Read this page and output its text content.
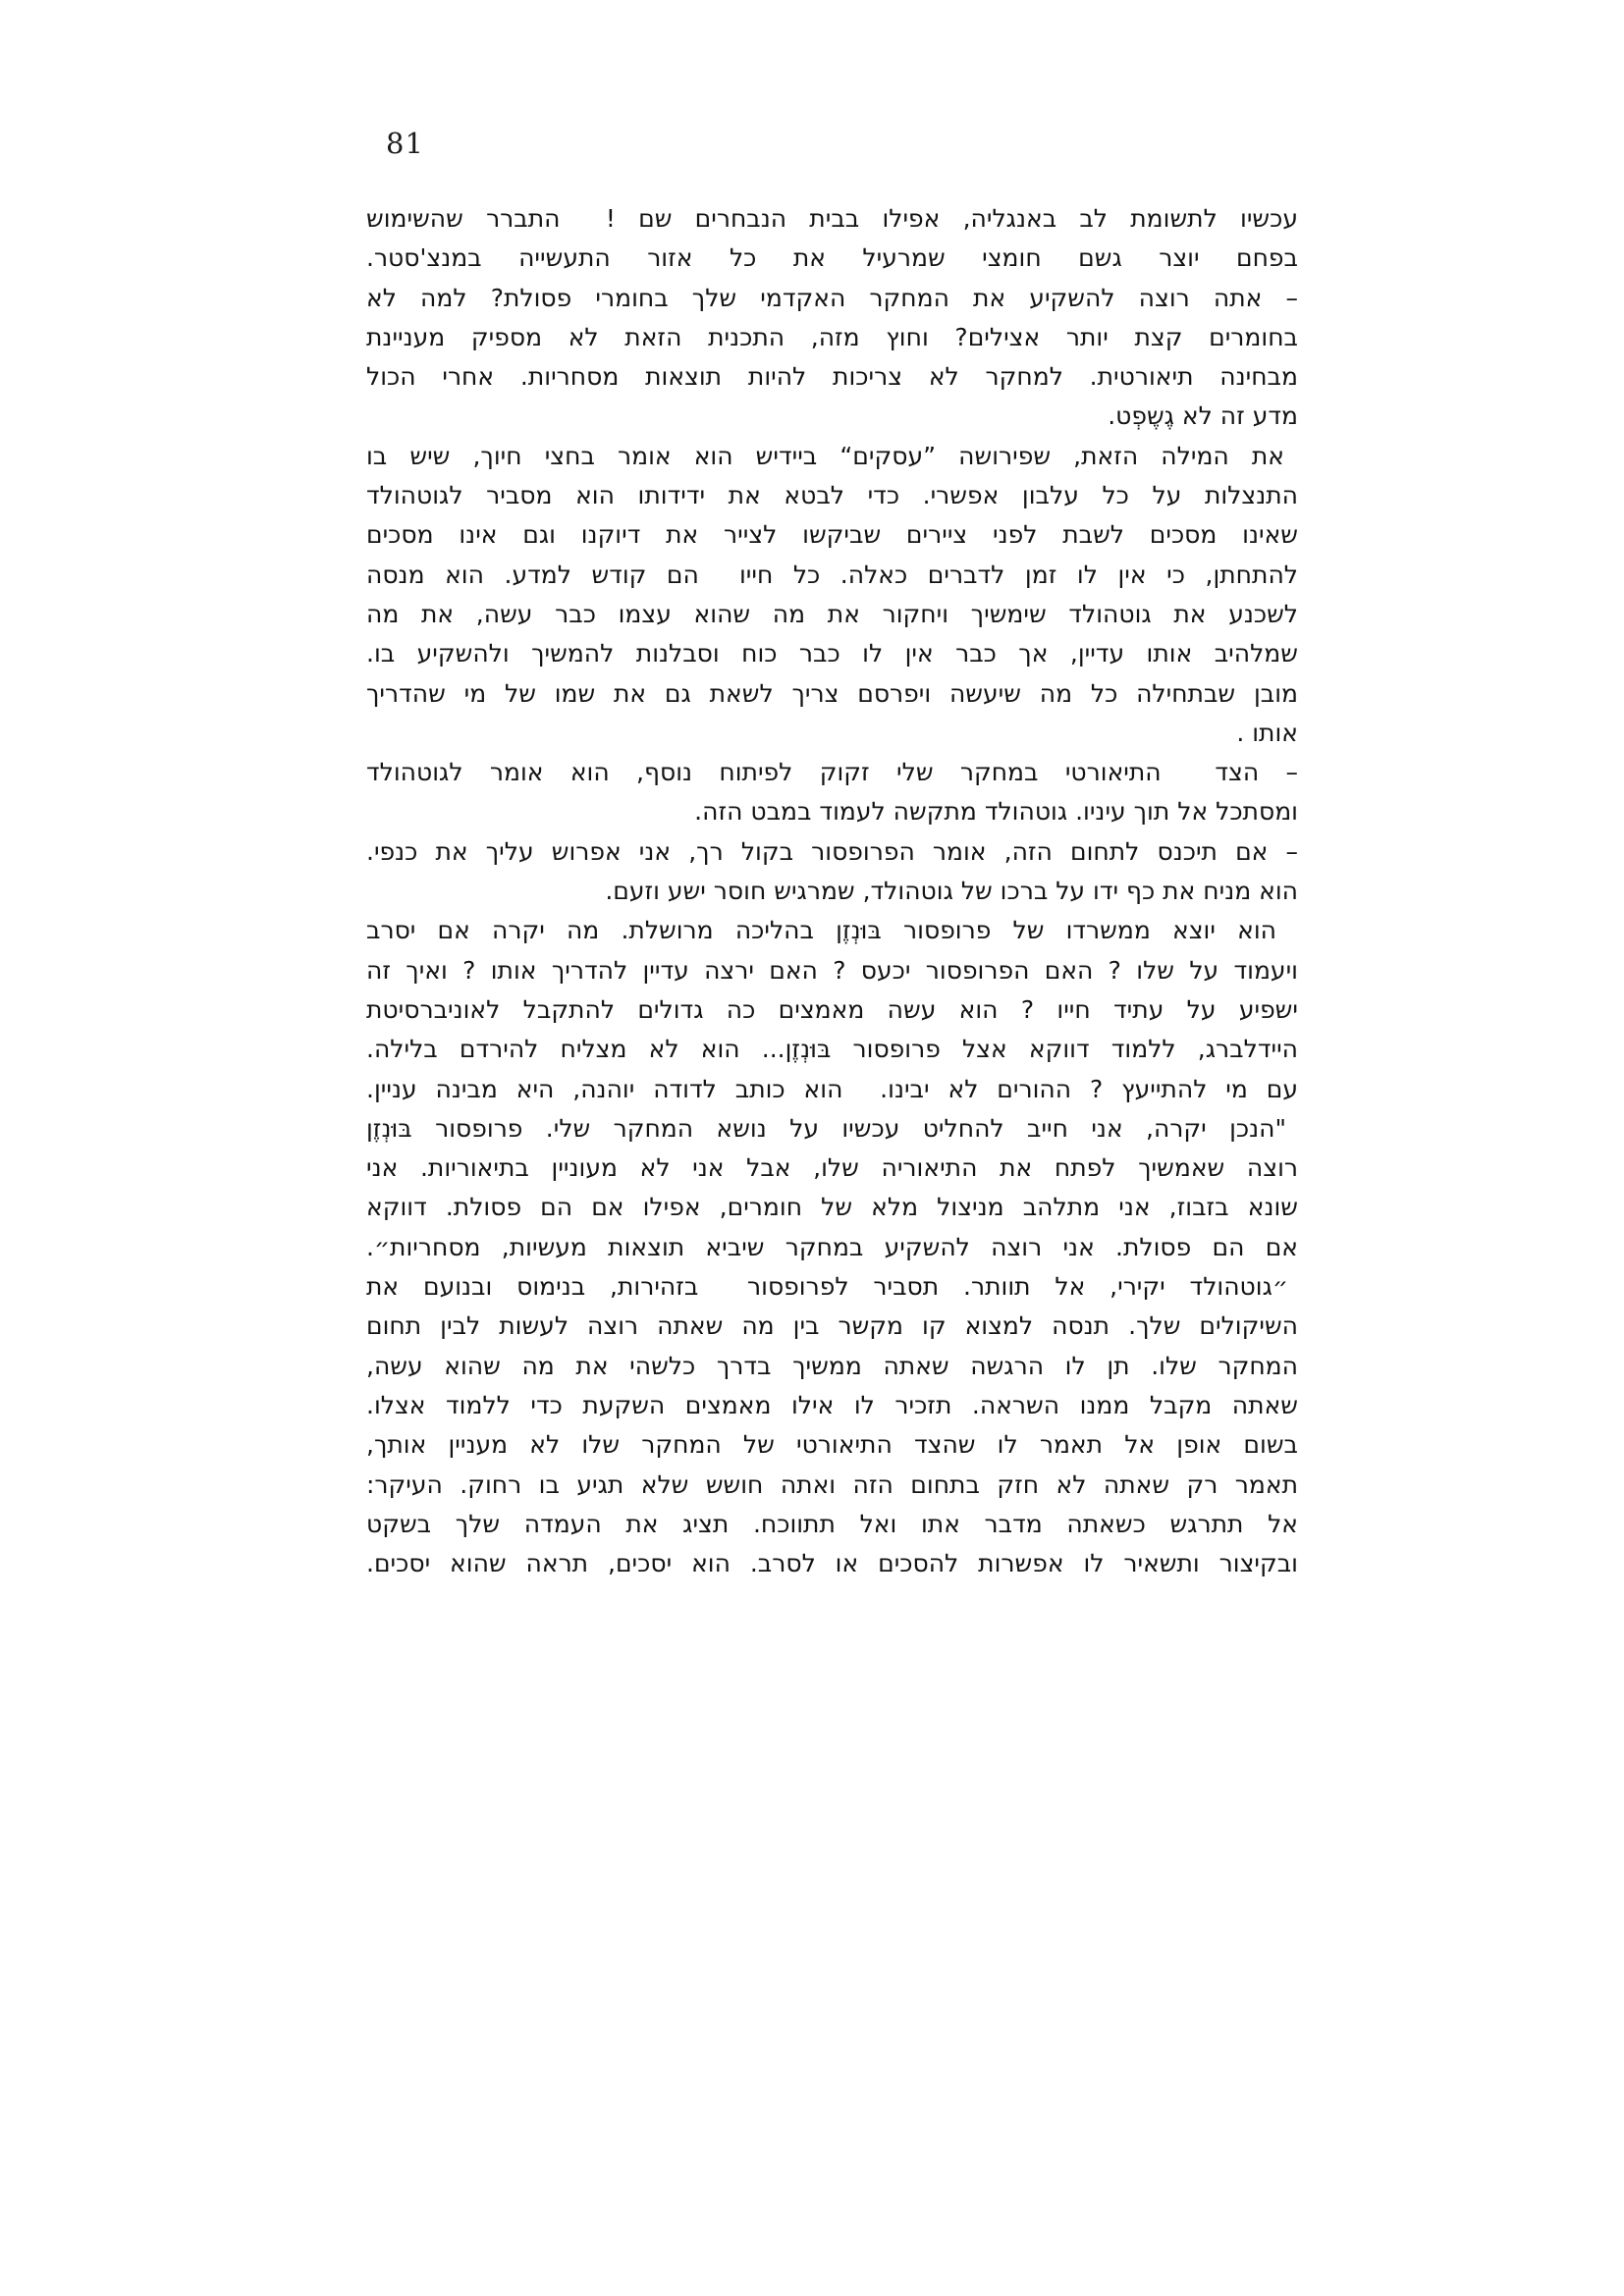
81
עכשיו לתשומת לב באנגליה, אפילו בבית הנבחרים שם !  התברר שהשימוש
בפחם יוצר גשם חומצי שמרעיל את כל אזור התעשייה במנצ'סטר.
– אתה רוצה להשקיע את המחקר האקדמי שלך בחומרי פסולת? למה לא
בחומרים קצת יותר אצילים? וחוץ מזה, התכנית הזאת לא מספיק מעניינת
מבחינה תיאורטית. למחקר לא צריכות להיות תוצאות מסחריות. אחרי הכול
מדע זה לא גֶשֶפְט.
את המילה הזאת, שפירושה ”עסקים“ ביידיש הוא אומר בחצי חיוך, שיש בו
התנצלות על כל עלבון אפשרי. כדי לבטא את ידידותו הוא מסביר לגוטהולד
שאינו מסכים לשבת לפני ציירים שביקשו לצייר את דיוקנו וגם אינו מסכים
להתחתן, כי אין לו זמן לדברים כאלה. כל חייו  הם קודש למדע. הוא מנסה
לשכנע את גוטהולד שימשיך ויחקור את מה שהוא עצמו כבר עשה, את מה
שמלהיב אותו עדיין, אך כבר אין לו כבר כוח וסבלנות להמשיך ולהשקיע בו.
מובן שבתחילה כל מה שיעשה ויפרסם צריך לשאת גם את שמו של מי שהדריך
אותו .
– הצד  התיאורטי במחקר שלי זקוק לפיתוח נוסף, הוא אומר לגוטהולד
ומסתכל אל תוך עיניו. גוטהולד מתקשה לעמוד במבט הזה.
– אם תיכנס לתחום הזה, אומר הפרופסור בקול רך, אני אפרוש עליך את כנפי.
הוא מניח את כף ידו על ברכו של גוטהולד, שמרגיש חוסר ישע וזעם.
הוא יוצא ממשרדו של פרופסור בּוּנְזֶן בהליכה מרושלת. מה יקרה אם יסרב
ויעמוד על שלו ? האם הפרופסור יכעס ? האם ירצה עדיין להדריך אותו ? ואיך זה
ישפיע על עתיד חייו ? הוא עשה מאמצים כה גדולים להתקבל לאוניברסיטת
היידלברג, ללמוד דווקא אצל פרופסור בּוּנְזֶן... הוא לא מצליח להירדם בלילה.
עם מי להתייעץ ? ההורים לא יבינו.  הוא כותב לדודה יוהנה, היא מבינה עניין.
"הנכן יקרה, אני חייב להחליט עכשיו על נושא המחקר שלי. פרופסור בּוּנְזֶן
רוצה שאמשיך לפתח את התיאוריה שלו, אבל אני לא מעוניין בתיאוריות. אני
שונא בזבוז, אני מתלהב מניצול מלא של חומרים, אפילו אם הם פסולת. דווקא
אם הם פסולת. אני רוצה להשקיע במחקר שיביא תוצאות מעשיות, מסחריות״.
״גוטהולד יקירי, אל תוותר. תסביר לפרופסור  בזהירות, בנימוס ובנועם את
השיקולים שלך. תנסה למצוא קו מקשר בין מה שאתה רוצה לעשות לבין תחום
המחקר שלו. תן לו הרגשה שאתה ממשיך בדרך כלשהי את מה שהוא עשה,
שאתה מקבל ממנו השראה. תזכיר לו אילו מאמצים השקעת כדי ללמוד אצלו.
בשום אופן אל תאמר לו שהצד התיאורטי של המחקר שלו לא מעניין אותך,
תאמר רק שאתה לא חזק בתחום הזה ואתה חושש שלא תגיע בו רחוק. העיקר:
אל תתרגש כשאתה מדבר אתו ואל תתווכח. תציג את העמדה שלך בשקט
ובקיצור ותשאיר לו אפשרות להסכים או לסרב. הוא יסכים, תראה שהוא יסכים.
